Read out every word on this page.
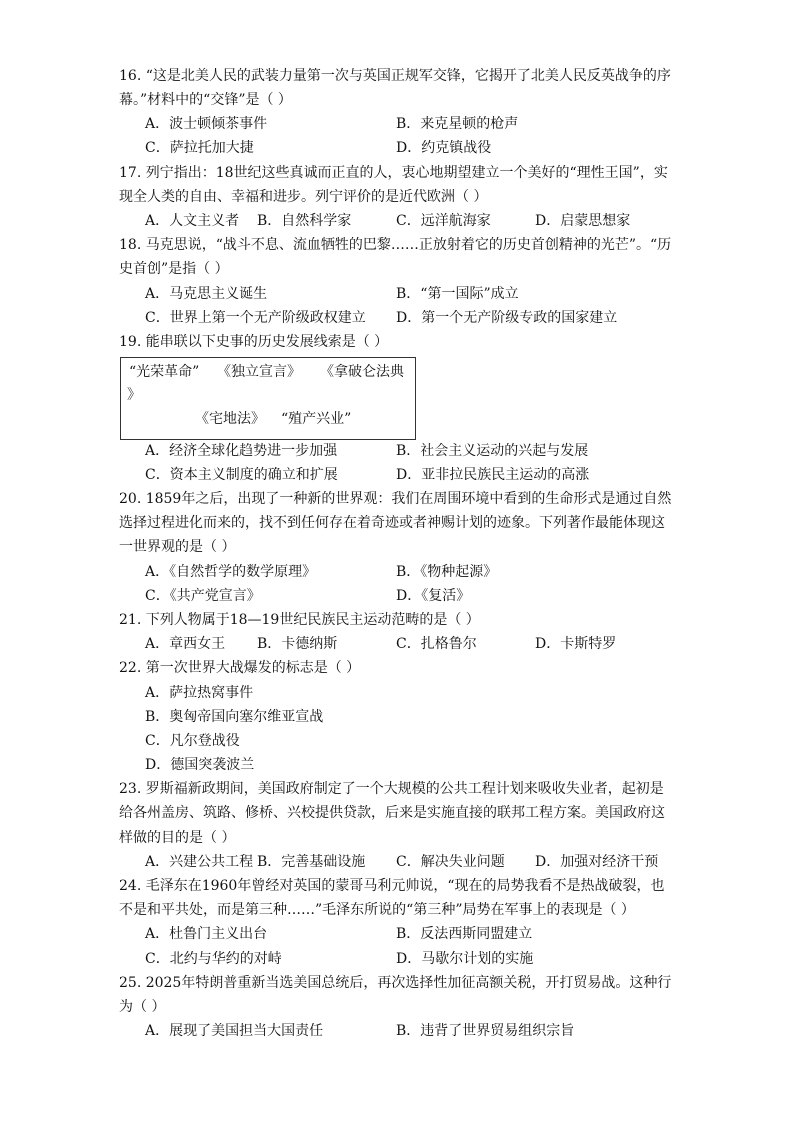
16. “这是北美人民的武装力量第一次与英国正规军交锋，它揭开了北美人民反英战争的序
幕。”材料中的“交锋”是（ ）
A．波士顿倾茶事件	B．来克星顿的枪声
C．萨拉托加大捷	D．约克镇战役
17. 列宁指出：18世纪这些真诚而正直的人，衷心地期望建立一个美好的“理性王国”，实
现全人类的自由、幸福和进步。列宁评价的是近代欧洲（ ）
A．人文主义者 B．自然科学家	C．远洋航海家	D．启蒙思想家
18. 马克思说，“战斗不息、流血牺牲的巴黎……正放射着它的历史首创精神的光芒”。“历
史首创”是指（ ）
A．马克思主义诞生	B．“第一国际”成立
C．世界上第一个无产阶级政权建立 D．第一个无产阶级专政的国家建立
19. 能串联以下史事的历史发展线索是（ ）
“光荣革命” 《独立宣言》 《拿破仑法典
》
《宅地法》 “殖产兴业”
A．经济全球化趋势进一步加强	B．社会主义运动的兴起与发展
C．资本主义制度的确立和扩展	D．亚非拉民族民主运动的高涨
20. 1859年之后，出现了一种新的世界观：我们在周围环境中看到的生命形式是通过自然
选择过程进化而来的，找不到任何存在着奇迹或者神赐计划的迹象。下列著作最能体现这
一世界观的是（ ）
A．《自然哲学的数学原理》	B．《物种起源》
C．《共产党宣言》	D．《复活》
21. 下列人物属于18—19世纪民族民主运动范畴的是（ ）
A．章西女王 B．卡德纳斯	C．扎格鲁尔	D．卡斯特罗
22. 第一次世界大战爆发的标志是（ ）
A．萨拉热窝事件
B．奥匈帝国向塞尔维亚宣战
C．凡尔登战役
D．德国突袭波兰
23. 罗斯福新政期间，美国政府制定了一个大规模的公共工程计划来吸收失业者，起初是
给各州盖房、筑路、修桥、兴校提供贷款，后来是实施直接的联邦工程方案。美国政府这
样做的目的是（ ）
A．兴建公共工程 B．完善基础设施 C．解决失业问题 D．加强对经济干预
24. 毛泽东在1960年曾经对英国的蒙哥马利元帅说，“现在的局势我看不是热战破裂，也
不是和平共处，而是第三种……”毛泽东所说的“第三种”局势在军事上的表现是（ ）
A．杜鲁门主义出台	B．反法西斯同盟建立
C．北约与华约的对峙	D．马歇尔计划的实施
25. 2025年特朗普重新当选美国总统后，再次选择性加征高额关税，开打贸易战。这种行
为（ ）
A．展现了美国担当大国责任	B．违背了世界贸易组织宗旨
